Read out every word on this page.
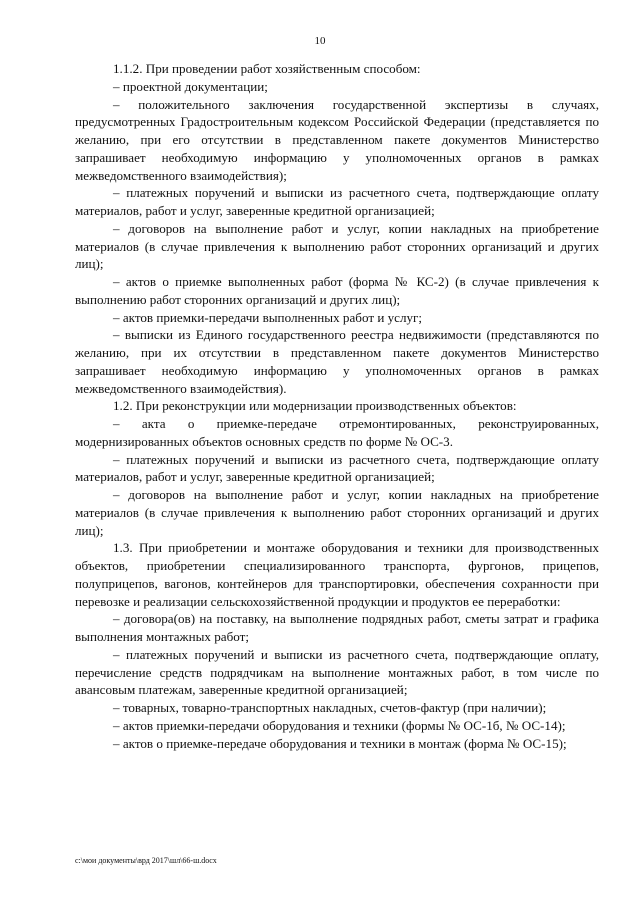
10

1.1.2. При проведении работ хозяйственным способом:

– проектной документации;

– положительного заключения государственной экспертизы в случаях, предусмотренных Градостроительным кодексом Российской Федерации (представляется по желанию, при его отсутствии в представленном пакете документов Министерство запрашивает необходимую информацию у уполномоченных органов в рамках межведомственного взаимодействия);

– платежных поручений и выписки из расчетного счета, подтверждающие оплату материалов, работ и услуг, заверенные кредитной организацией;

– договоров на выполнение работ и услуг, копии накладных на приобретение материалов (в случае привлечения к выполнению работ сторонних организаций и других лиц);

– актов о приемке выполненных работ (форма № КС-2) (в случае привлечения к выполнению работ сторонних организаций и других лиц);

– актов приемки-передачи выполненных работ и услуг;

– выписки из Единого государственного реестра недвижимости (представляются по желанию, при их отсутствии в представленном пакете документов Министерство запрашивает необходимую информацию у уполномоченных органов в рамках межведомственного взаимодействия).

1.2. При реконструкции или модернизации производственных объектов:

– акта о приемке-передаче отремонтированных, реконструированных, модернизированных объектов основных средств по форме № ОС-3.

– платежных поручений и выписки из расчетного счета, подтверждающие оплату материалов, работ и услуг, заверенные кредитной организацией;

– договоров на выполнение работ и услуг, копии накладных на приобретение материалов (в случае привлечения к выполнению работ сторонних организаций и других лиц);

1.3. При приобретении и монтаже оборудования и техники для производственных объектов, приобретении специализированного транспорта, фургонов, прицепов, полуприцепов, вагонов, контейнеров для транспортировки, обеспечения сохранности при перевозке и реализации сельскохозяйственной продукции и продуктов ее переработки:

– договора(ов) на поставку, на выполнение подрядных работ, сметы затрат и графика выполнения монтажных работ;

– платежных поручений и выписки из расчетного счета, подтверждающие оплату, перечисление средств подрядчикам на выполнение монтажных работ, в том числе по авансовым платежам, заверенные кредитной организацией;

– товарных, товарно-транспортных накладных, счетов-фактур (при наличии);

– актов приемки-передачи оборудования и техники (формы № ОС-1б, № ОС-14);

– актов о приемке-передаче оборудования и техники в монтаж (форма № ОС-15);

c:\мои документы\врд 2017\шл\66-ш.docx
